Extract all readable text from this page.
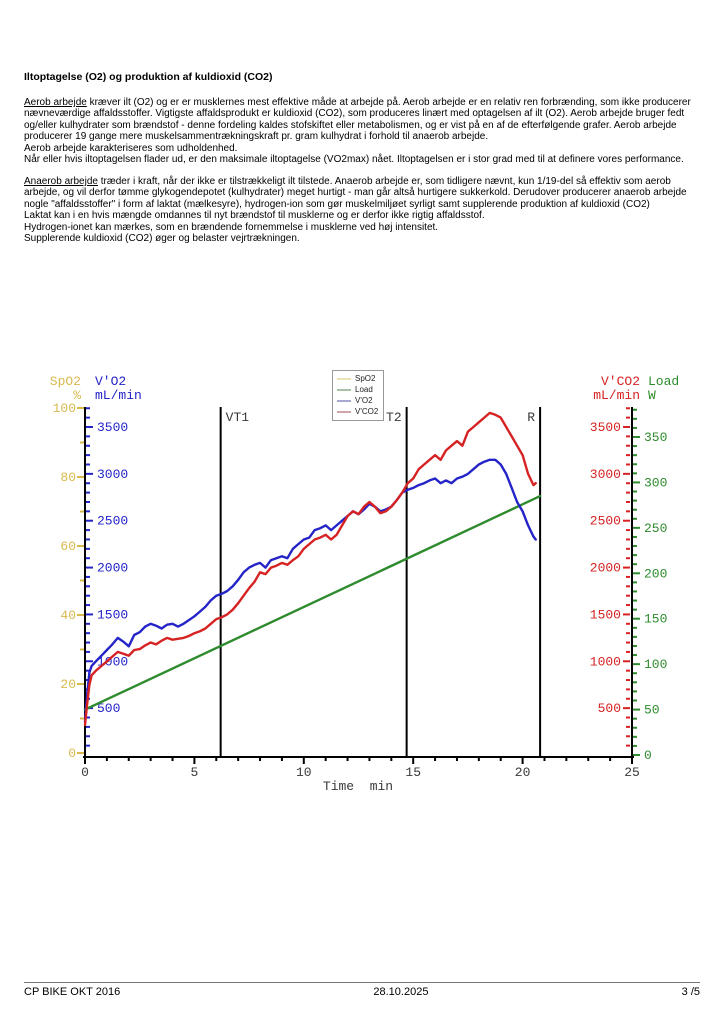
Iltoptagelse (O2) og produktion af kuldioxid (CO2)
Aerob arbejde kræver ilt (O2) og er er musklernes mest effektive måde at arbejde på. Aerob arbejde er en relativ ren forbrænding, som ikke producerer nævneværdige affaldsstoffer. Vigtigste affaldsprodukt er kuldioxid (CO2), som produceres linært med optagelsen af ilt (O2). Aerob arbejde bruger fedt og/eller kulhydrater som brændstof - denne fordeling kaldes stofskiftet eller metabolismen, og er vist på en af de efterfølgende grafer. Aerob arbejde producerer 19 gange mere muskelsammentrækningskraft pr. gram kulhydrat i forhold til anaerob arbejde.
Aerob arbejde karakteriseres som udholdenhed.
Når eller hvis iltoptagelsen flader ud, er den maksimale iltoptagelse (VO2max) nået. Iltoptagelsen er i stor grad med til at definere vores performance.
Anaerob arbejde træder i kraft, når der ikke er tilstrækkeligt ilt tilstede. Anaerob arbejde er, som tidligere nævnt, kun 1/19-del så effektiv som aerob arbejde, og vil derfor tømme glykogendepotet (kulhydrater) meget hurtigt - man går altså hurtigere sukkerkold. Derudover producerer anaerob arbejde nogle "affaldsstoffer" i form af laktat (mælkesyre), hydrogen-ion som gør muskelmiljøet syrligt samt supplerende produktion af kuldioxid (CO2)
Laktat kan i en hvis mængde omdannes til nyt brændstof til musklerne og er derfor ikke rigtig affaldsstof.
Hydrogen-ionet kan mærkes, som en brændende fornemmelse i musklerne ved høj intensitet.
Supplerende kuldioxid (CO2) øger og belaster vejrtrækningen.
VT1	T2	R
0	5	10	15	20	25
0
20
40
60
80
100
500
1000
1500
2000
2500
3000
3500
500
1000
1500
2000
2500
3000
3500
0
50
100
150
200
250
300
350
SpO2
%
V'O2
mL/min
V'CO2
mL/min
Load
W
Time  min
SpO2
Load
V'O2
V'CO2
CP BIKE OKT 2016	28.10.2025	3 /5
